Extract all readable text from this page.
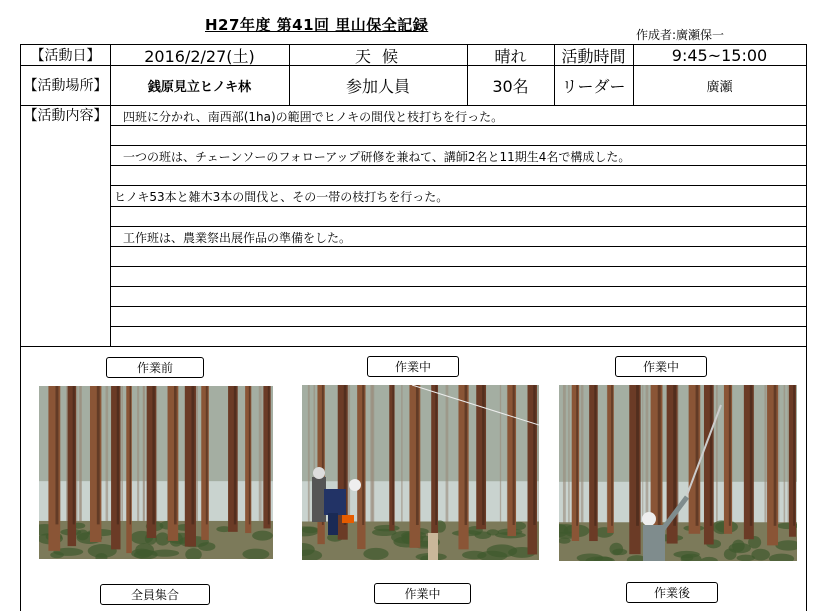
H27年度 第41回 里山保全記録
作成者:廣瀬保一
【活動日】	2016/2/27(土)	天 候	晴れ	活動時間	9:45~15:00
【活動場所】	銭原見立ヒノキ林	参加人員	30名	リーダー	廣瀬
【活動内容】 四班に分かれ、南西部(1ha)の範囲でヒノキの間伐と枝打ちを行った。
一つの班は、チェーンソーのフォローアップ研修を兼ねて、講師2名と11期生4名で構成した。
ヒノキ53本と雑木3本の間伐と、その一帯の枝打ちを行った。
工作班は、農業祭出展作品の準備をした。
作業前	作業中	作業中
全員集合	作業中	作業後
